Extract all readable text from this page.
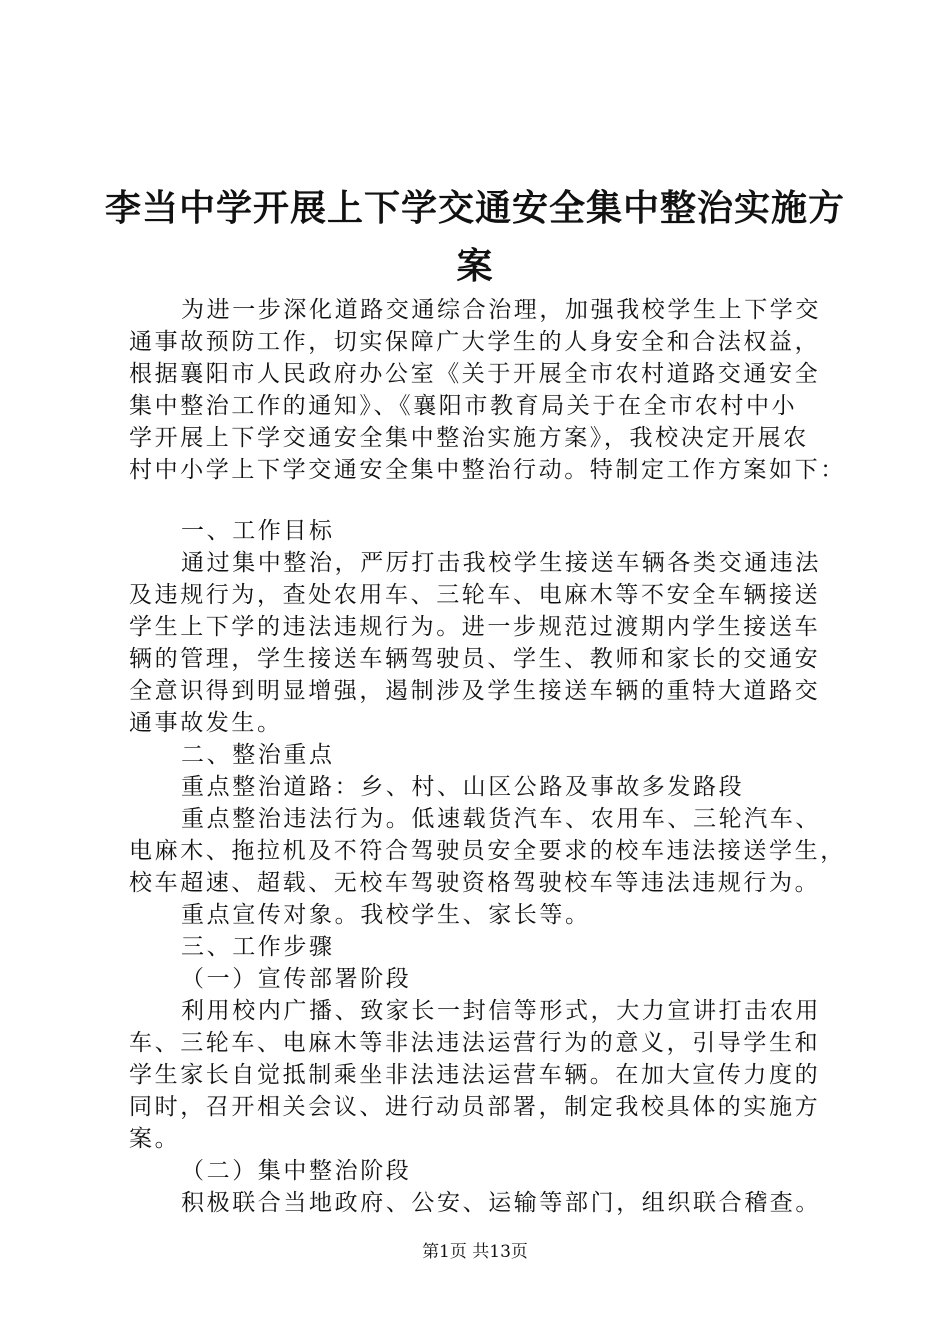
李当中学开展上下学交通安全集中整治实施方
案
为进一步深化道路交通综合治理，加强我校学生上下学交
通事故预防工作，切实保障广大学生的人身安全和合法权益，
根据襄阳市人民政府办公室《关于开展全市农村道路交通安全
集中整治工作的通知》、《襄阳市教育局关于在全市农村中小
学开展上下学交通安全集中整治实施方案》，我校决定开展农
村中小学上下学交通安全集中整治行动。特制定工作方案如下：
一、工作目标
通过集中整治，严厉打击我校学生接送车辆各类交通违法
及违规行为，查处农用车、三轮车、电麻木等不安全车辆接送
学生上下学的违法违规行为。进一步规范过渡期内学生接送车
辆的管理，学生接送车辆驾驶员、学生、教师和家长的交通安
全意识得到明显增强，遏制涉及学生接送车辆的重特大道路交
通事故发生。
二、整治重点
重点整治道路：乡、村、山区公路及事故多发路段
重点整治违法行为。低速载货汽车、农用车、三轮汽车、
电麻木、拖拉机及不符合驾驶员安全要求的校车违法接送学生，
校车超速、超载、无校车驾驶资格驾驶校车等违法违规行为。
重点宣传对象。我校学生、家长等。
三、工作步骤
（一）宣传部署阶段
利用校内广播、致家长一封信等形式，大力宣讲打击农用
车、三轮车、电麻木等非法违法运营行为的意义，引导学生和
学生家长自觉抵制乘坐非法违法运营车辆。在加大宣传力度的
同时，召开相关会议、进行动员部署，制定我校具体的实施方
案。
（二）集中整治阶段
积极联合当地政府、公安、运输等部门，组织联合稽查。
第1页 共13页
